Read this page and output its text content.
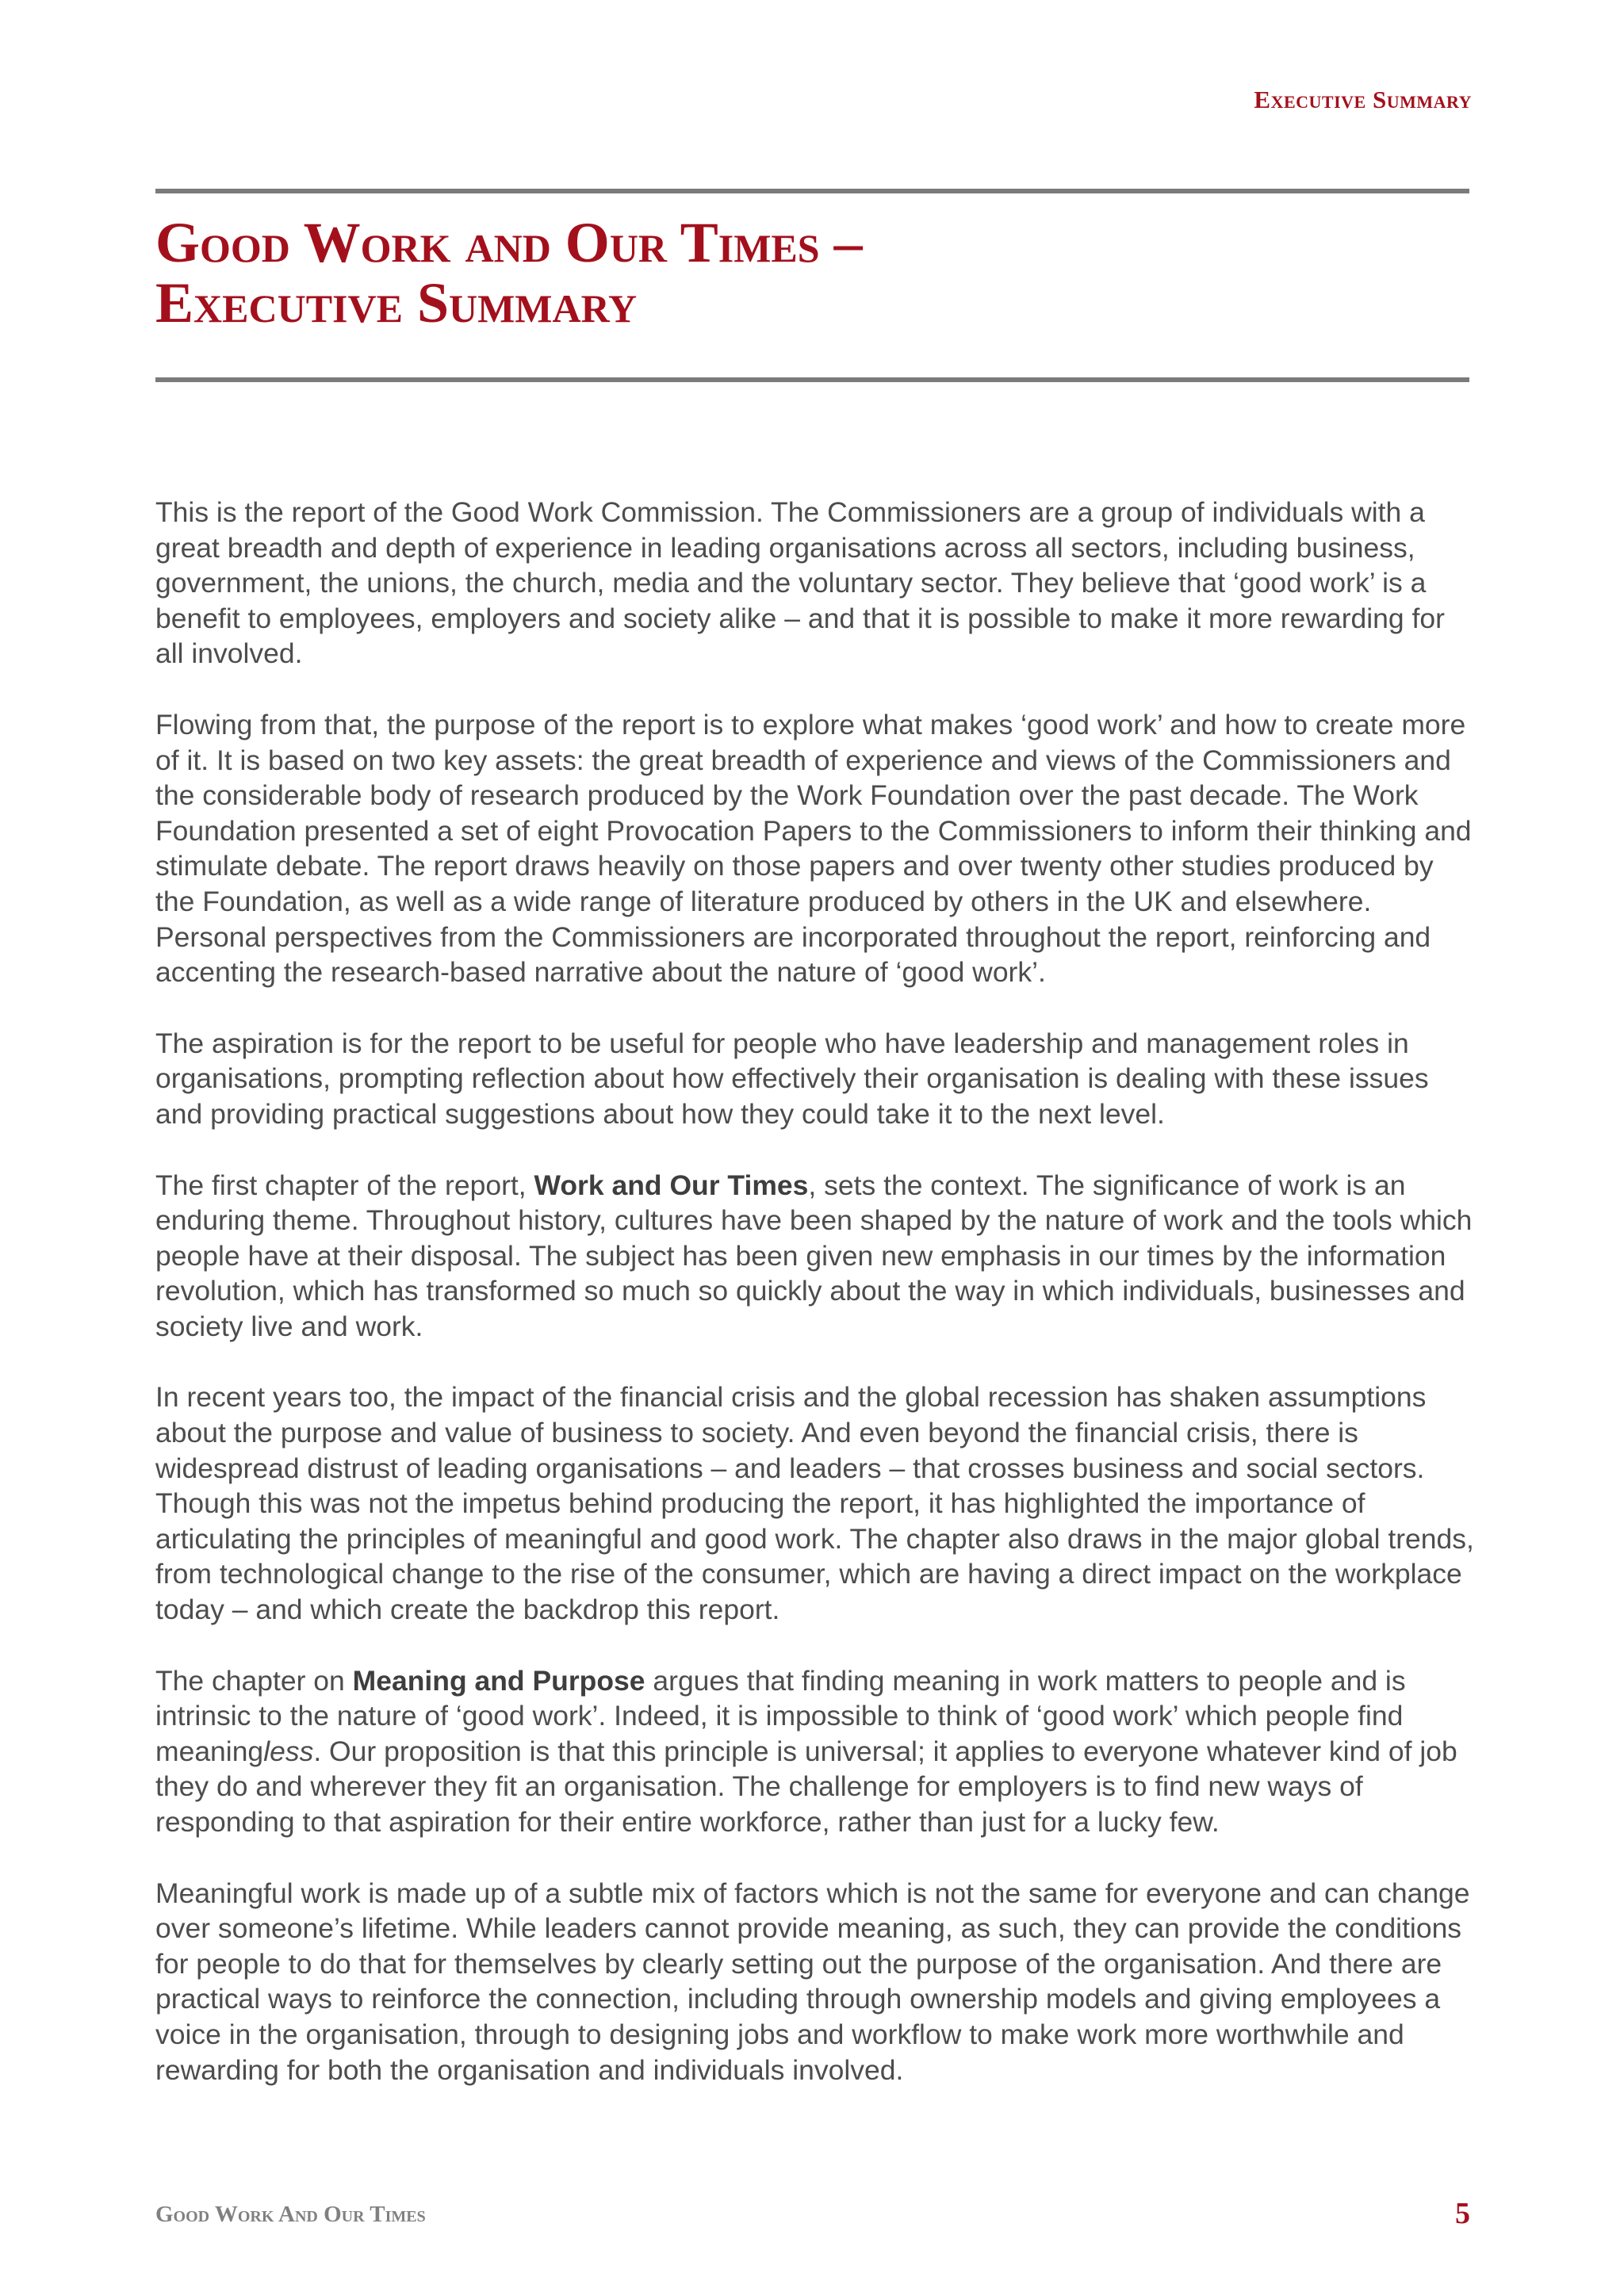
Executive Summary
Good Work and Our Times –
Executive Summary

This is the report of the Good Work Commission. The Commissioners are a group of individuals with a great breadth and depth of experience in leading organisations across all sectors, including business, government, the unions, the church, media and the voluntary sector. They believe that ‘good work’ is a benefit to employees, employers and society alike – and that it is possible to make it more rewarding for all involved.

Flowing from that, the purpose of the report is to explore what makes ‘good work’ and how to create more of it. It is based on two key assets: the great breadth of experience and views of the Commissioners and the considerable body of research produced by the Work Foundation over the past decade. The Work Foundation presented a set of eight Provocation Papers to the Commissioners to inform their thinking and stimulate debate. The report draws heavily on those papers and over twenty other studies produced by the Foundation, as well as a wide range of literature produced by others in the UK and elsewhere. Personal perspectives from the Commissioners are incorporated throughout the report, reinforcing and accenting the research-based narrative about the nature of ‘good work’.

The aspiration is for the report to be useful for people who have leadership and management roles in organisations, prompting reflection about how effectively their organisation is dealing with these issues and providing practical suggestions about how they could take it to the next level.

The first chapter of the report, Work and Our Times, sets the context. The significance of work is an enduring theme. Throughout history, cultures have been shaped by the nature of work and the tools which people have at their disposal. The subject has been given new emphasis in our times by the information revolution, which has transformed so much so quickly about the way in which individuals, businesses and society live and work.

In recent years too, the impact of the financial crisis and the global recession has shaken assumptions about the purpose and value of business to society. And even beyond the financial crisis, there is widespread distrust of leading organisations – and leaders – that crosses business and social sectors. Though this was not the impetus behind producing the report, it has highlighted the importance of articulating the principles of meaningful and good work. The chapter also draws in the major global trends, from technological change to the rise of the consumer, which are having a direct impact on the workplace today – and which create the backdrop this report.

The chapter on Meaning and Purpose argues that finding meaning in work matters to people and is intrinsic to the nature of ‘good work’. Indeed, it is impossible to think of ‘good work’ which people find meaningless. Our proposition is that this principle is universal; it applies to everyone whatever kind of job they do and wherever they fit an organisation. The challenge for employers is to find new ways of responding to that aspiration for their entire workforce, rather than just for a lucky few.

Meaningful work is made up of a subtle mix of factors which is not the same for everyone and can change over someone’s lifetime. While leaders cannot provide meaning, as such, they can provide the conditions for people to do that for themselves by clearly setting out the purpose of the organisation. And there are practical ways to reinforce the connection, including through ownership models and giving employees a voice in the organisation, through to designing jobs and workflow to make work more worthwhile and rewarding for both the organisation and individuals involved.

Good Work And Our Times	5
